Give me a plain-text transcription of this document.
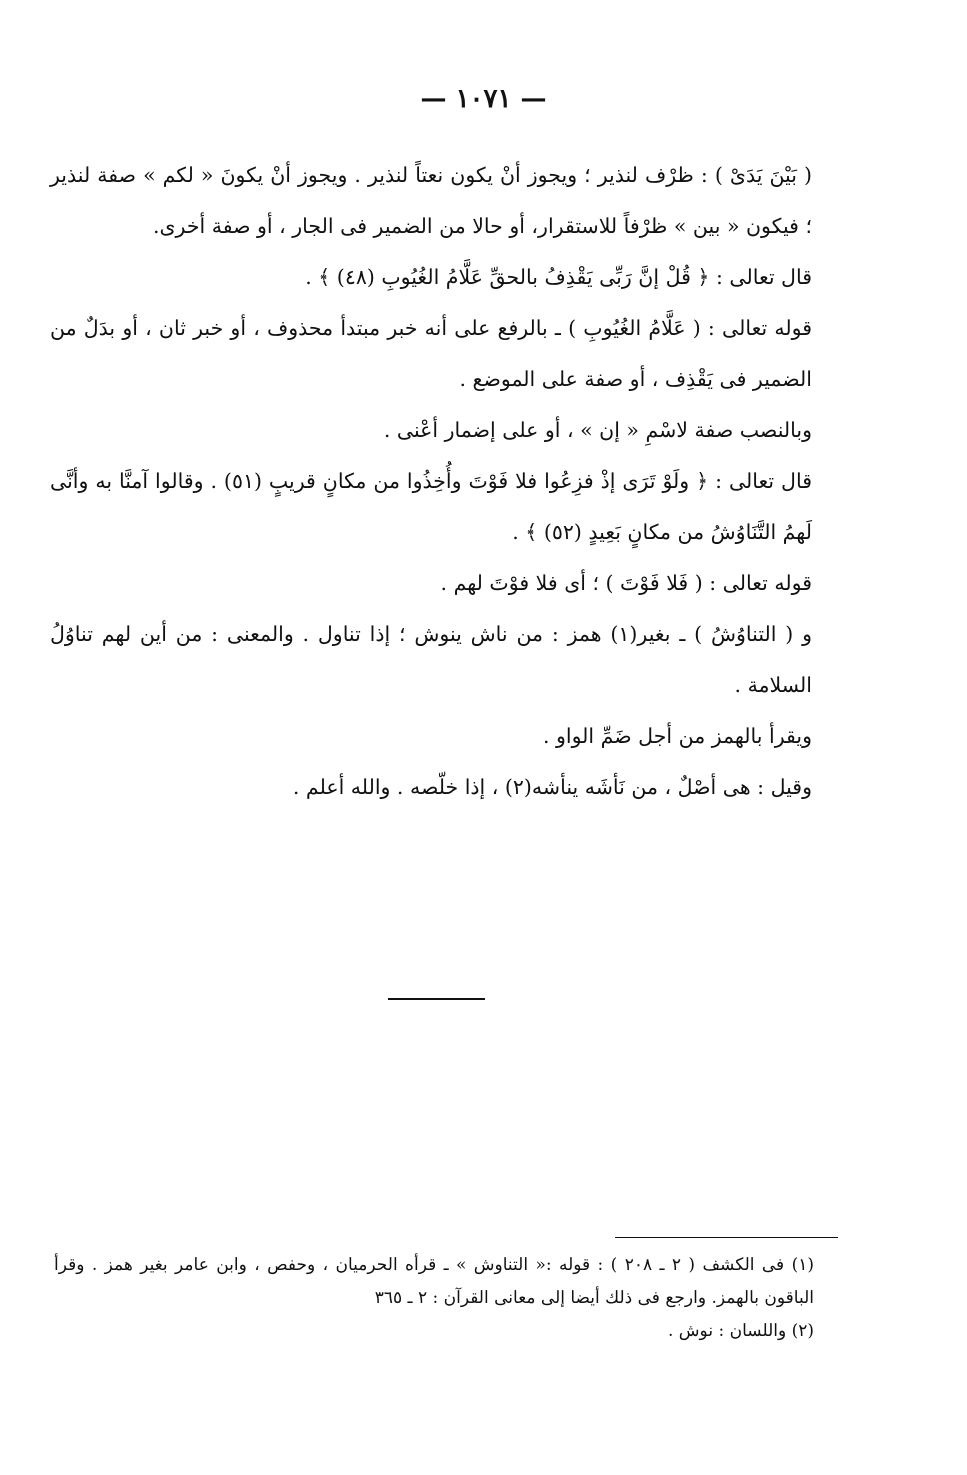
— ١٠٧١ —

( بَيْنَ يَدَىْ ) : ظرْف لنذير ؛ ويجوز أنْ يكون نعتاً لنذير . ويجوز أنْ يكونَ « لكم » صفة لنذير ؛ فيكون « بين » ظرْفاً للاستقرار، أو حالا من الضمير فى الجار ، أو صفة أخرى.

قال تعالى : ﴿ قُلْ إنَّ رَبِّى يَقْذِفُ بالحقِّ عَلَّامُ الغُيُوبِ (٤٨) ﴾ .

قوله تعالى : ( عَلَّامُ الغُيُوبِ ) ـ بالرفع على أنه خبر مبتدأ محذوف ، أو خبر ثان ، أو بدَلٌ من الضمير فى يَقْذِف ، أو صفة على الموضع .

وبالنصب صفة لاسْمِ « إن » ، أو على إضمار أعْنى .

قال تعالى : ﴿ ولَوْ تَرَى إذْ فزِعُوا فلا فَوْتَ وأُخِذُوا من مكانٍ قريبٍ (٥١) . وقالوا آمنَّا به وأنَّى لَهمُ التَّنَاوُشُ من مكانٍ بَعِيدٍ (٥٢) ﴾ .

قوله تعالى : ( فَلا فَوْتَ ) ؛ أى فلا فوْتَ لهم .

و ( التناوُشُ ) ـ بغير(١) همز : من ناش ينوش ؛ إذا تناول . والمعنى : من أين لهم تناوُلُ السلامة .

ويقرأ بالهمز من أجل ضَمِّ الواو .

وقيل : هى أصْلٌ ، من نَأشَه ينأشه(٢) ، إذا خلّصه . والله أعلم .

(١) فى الكشف ( ٢ ـ ٢٠٨ ) : قوله :« التناوش » ـ قرأه الحرميان ، وحفص ، وابن عامر بغير همز . وقرأ الباقون بالهمز. وارجع فى ذلك أيضا إلى معانى القرآن : ٢ ـ ٣٦٥

(٢) واللسان : نوش .
